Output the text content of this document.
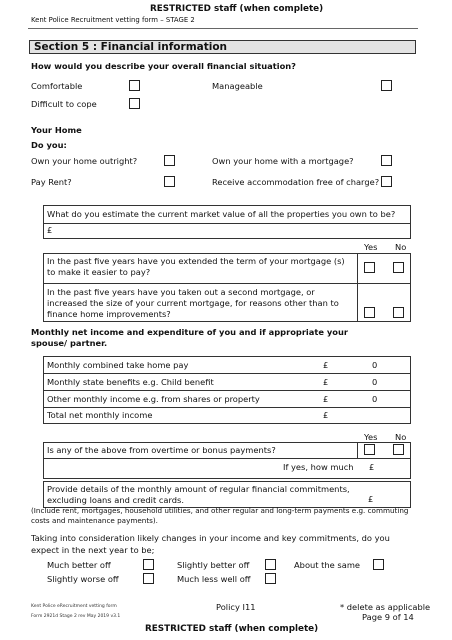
RESTRICTED staff (when complete)
Kent Police Recruitment vetting form – STAGE 2
Section 5 : Financial information
How would you describe your overall financial situation?
Comfortable	Manageable
Difficult to cope
Your Home
Do you:
Own your home outright?	Own your home with a mortgage?
Pay Rent?	Receive accommodation free of charge?
What do you estimate the current market value of all the properties you own to be?
£
Yes No
In the past five years have you extended the term of your mortgage (s) to make it easier to pay?
In the past five years have you taken out a second mortgage, or increased the size of your current mortgage, for reasons other than to finance home improvements?
Monthly net income and expenditure of you and if appropriate your spouse/ partner.
Monthly combined take home pay	£	0
Monthly state benefits e.g. Child benefit	£	0
Other monthly income e.g. from shares or property	£	0
Total net monthly income	£
Yes No
Is any of the above from overtime or bonus payments?
If yes, how much £
Provide details of the monthly amount of regular financial commitments, excluding loans and credit cards.	£
(Include rent, mortgages, household utilities, and other regular and long-term payments e.g. commuting costs and maintenance payments).
Taking into consideration likely changes in your income and key commitments, do you expect in the next year to be;
Much better off	Slightly better off	About the same
Slightly worse off	Much less well off
Kent Police eRecruitment vetting form
Form 2921d Stage 2 rev May 2019 v3.1
Policy I11	* delete as applicable
Page 9 of 14
RESTRICTED staff (when complete)
